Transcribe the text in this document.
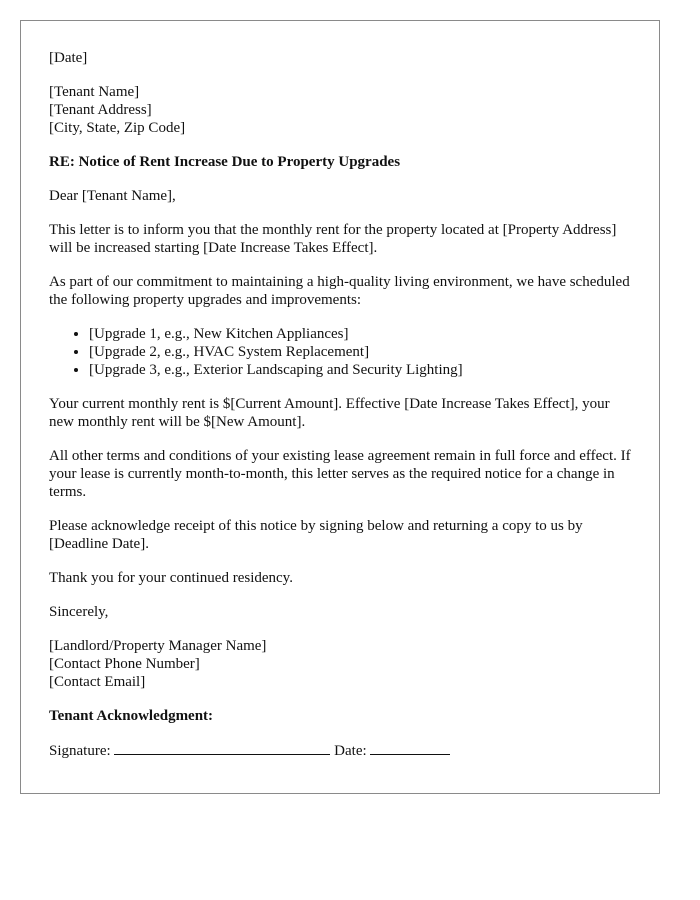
[Date]
[Tenant Name]
[Tenant Address]
[City, State, Zip Code]

RE: Notice of Rent Increase Due to Property Upgrades

Dear [Tenant Name],

This letter is to inform you that the monthly rent for the property located at [Property Address] will be increased starting [Date Increase Takes Effect].

As part of our commitment to maintaining a high-quality living environment, we have scheduled the following property upgrades and improvements:

• [Upgrade 1, e.g., New Kitchen Appliances]
• [Upgrade 2, e.g., HVAC System Replacement]
• [Upgrade 3, e.g., Exterior Landscaping and Security Lighting]

Your current monthly rent is $[Current Amount]. Effective [Date Increase Takes Effect], your new monthly rent will be $[New Amount].

All other terms and conditions of your existing lease agreement remain in full force and effect. If your lease is currently month-to-month, this letter serves as the required notice for a change in terms.

Please acknowledge receipt of this notice by signing below and returning a copy to us by [Deadline Date].

Thank you for your continued residency.

Sincerely,

[Landlord/Property Manager Name]
[Contact Phone Number]
[Contact Email]

Tenant Acknowledgment:

Signature:	Date:
